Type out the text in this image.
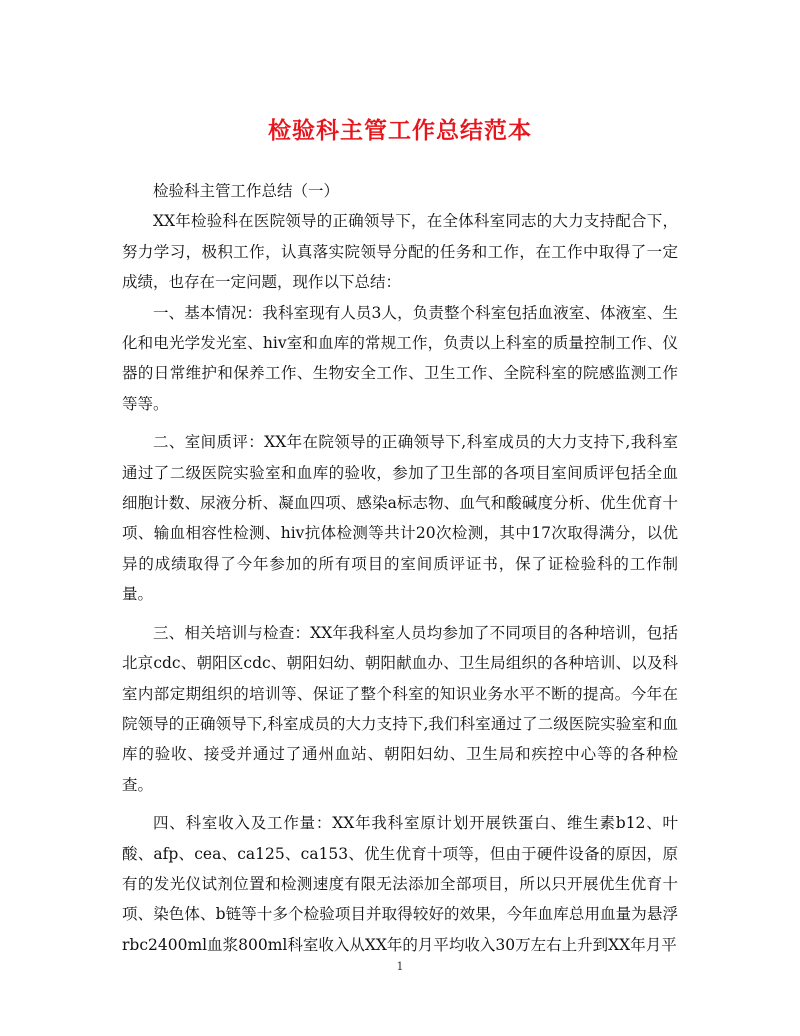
检验科主管工作总结范本

检验科主管工作总结（一）

XX年检验科在医院领导的正确领导下，在全体科室同志的大力支持配合下，努力学习，极积工作，认真落实院领导分配的任务和工作，在工作中取得了一定成绩，也存在一定问题，现作以下总结：

一、基本情况：我科室现有人员3人，负责整个科室包括血液室、体液室、生化和电光学发光室、hiv室和血库的常规工作，负责以上科室的质量控制工作、仪器的日常维护和保养工作、生物安全工作、卫生工作、全院科室的院感监测工作等等。

二、室间质评：XX年在院领导的正确领导下,科室成员的大力支持下,我科室通过了二级医院实验室和血库的验收，参加了卫生部的各项目室间质评包括全血细胞计数、尿液分析、凝血四项、感染a标志物、血气和酸碱度分析、优生优育十项、输血相容性检测、hiv抗体检测等共计20次检测，其中17次取得满分，以优异的成绩取得了今年参加的所有项目的室间质评证书，保了证检验科的工作制量。

三、相关培训与检查：XX年我科室人员均参加了不同项目的各种培训，包括北京cdc、朝阳区cdc、朝阳妇幼、朝阳献血办、卫生局组织的各种培训、以及科室内部定期组织的培训等、保证了整个科室的知识业务水平不断的提高。今年在院领导的正确领导下,科室成员的大力支持下,我们科室通过了二级医院实验室和血库的验收、接受并通过了通州血站、朝阳妇幼、卫生局和疾控中心等的各种检查。

四、科室收入及工作量：XX年我科室原计划开展铁蛋白、维生素b12、叶酸、afp、cea、ca125、ca153、优生优育十项等，但由于硬件设备的原因，原有的发光仪试剂位置和检测速度有限无法添加全部项目，所以只开展优生优育十项、染色体、b链等十多个检验项目并取得较好的效果，今年血库总用血量为悬浮rbc2400ml血浆800ml科室收入从XX年的月平均收入30万左右上升到XX年月平

1
